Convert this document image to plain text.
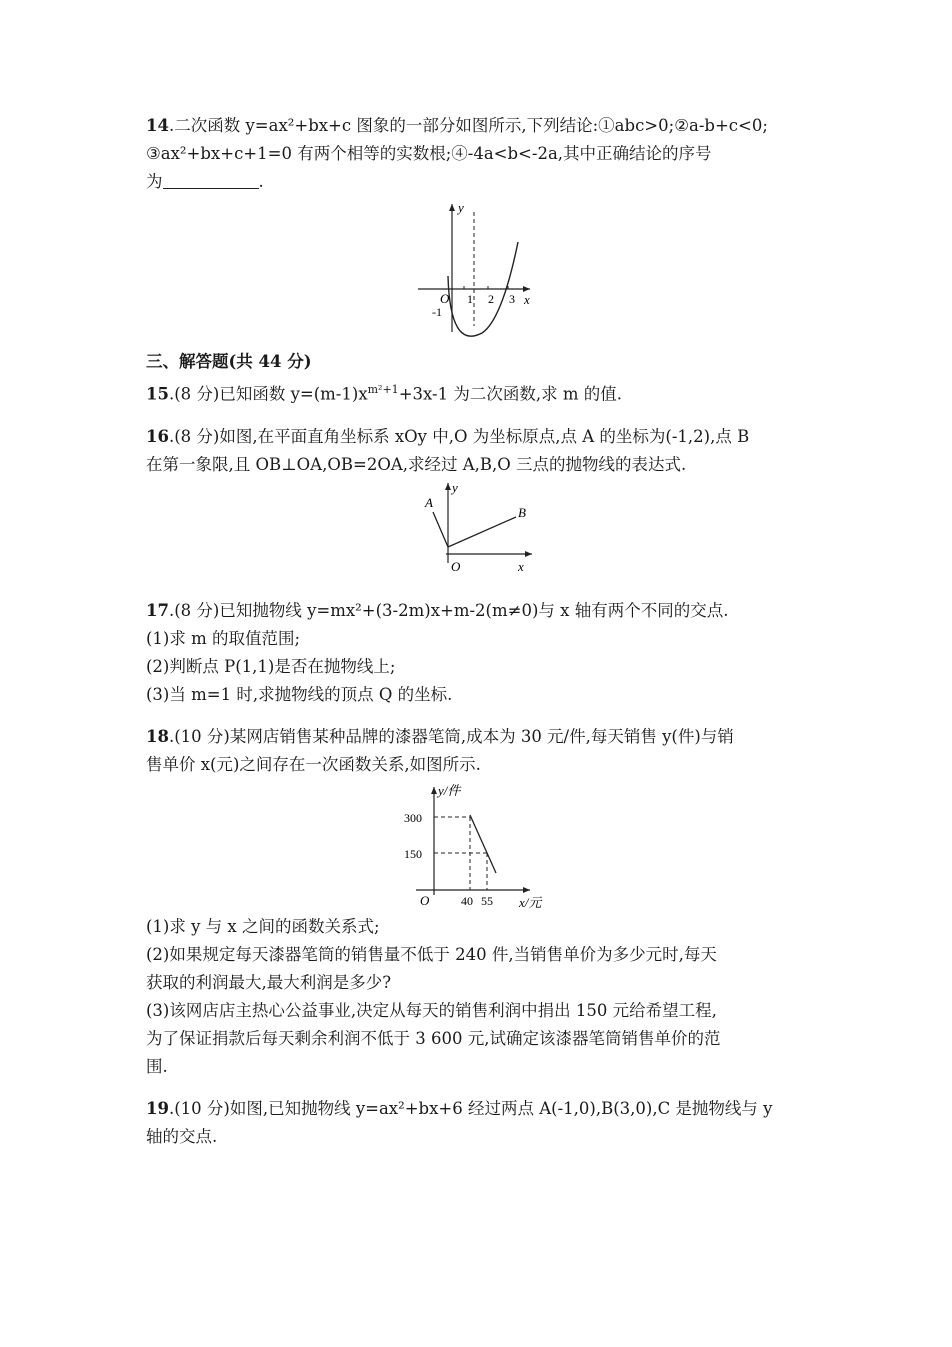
14.二次函数 y=ax²+bx+c 图象的一部分如图所示,下列结论:①abc>0;②a-b+c<0;
③ax²+bx+c+1=0 有两个相等的实数根;④-4a<b<-2a,其中正确结论的序号
为	.
y
x
O 1 2 3
-1
三、解答题(共 44 分)
15.(8 分)已知函数 $y=(m-1)x^{m^2+1}+3x-1$ 为二次函数,求 m 的值.
16.(8 分)如图,在平面直角坐标系 xOy 中,O 为坐标原点,点 A 的坐标为(-1,2),点 B
在第一象限,且 OB⊥OA,OB=2OA,求经过 A,B,O 三点的抛物线的表达式.
A
B
y
x
O
17.(8 分)已知抛物线 y=mx²+(3-2m)x+m-2(m≠0)与 x 轴有两个不同的交点.
(1)求 m 的取值范围;
(2)判断点 P(1,1)是否在抛物线上;
(3)当 m=1 时,求抛物线的顶点 Q 的坐标.
18.(10 分)某网店销售某种品牌的漆器笔筒,成本为 30 元/件,每天销售 y(件)与销
售单价 x(元)之间存在一次函数关系,如图所示.
y/件
x/元
300
150
O	40 55
(1)求 y 与 x 之间的函数关系式;
(2)如果规定每天漆器笔筒的销售量不低于 240 件,当销售单价为多少元时,每天
获取的利润最大,最大利润是多少?
(3)该网店店主热心公益事业,决定从每天的销售利润中捐出 150 元给希望工程,
为了保证捐款后每天剩余利润不低于 3 600 元,试确定该漆器笔筒销售单价的范
围.
19.(10 分)如图,已知抛物线 y=ax²+bx+6 经过两点 A(-1,0),B(3,0),C 是抛物线与 y
轴的交点.
